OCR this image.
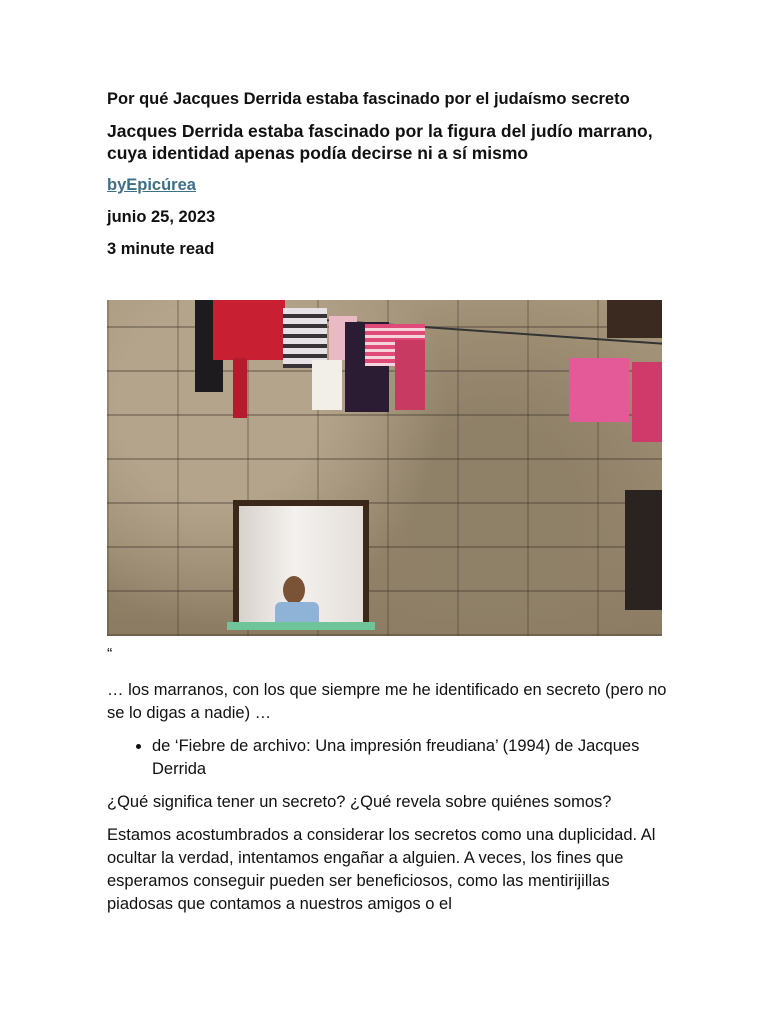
Por qué Jacques Derrida estaba fascinado por el judaísmo secreto
Jacques Derrida estaba fascinado por la figura del judío marrano, cuya identidad apenas podía decirse ni a sí mismo
byEpicúrea
junio 25, 2023
3 minute read
“

… los marranos, con los que siempre me he identificado en secreto (pero no se lo digas a nadie) …

• de ‘Fiebre de archivo: Una impresión freudiana’ (1994) de Jacques Derrida

¿Qué significa tener un secreto? ¿Qué revela sobre quiénes somos?

Estamos acostumbrados a considerar los secretos como una duplicidad. Al ocultar la verdad, intentamos engañar a alguien. A veces, los fines que esperamos conseguir pueden ser beneficiosos, como las mentirijillas piadosas que contamos a nuestros amigos o el
